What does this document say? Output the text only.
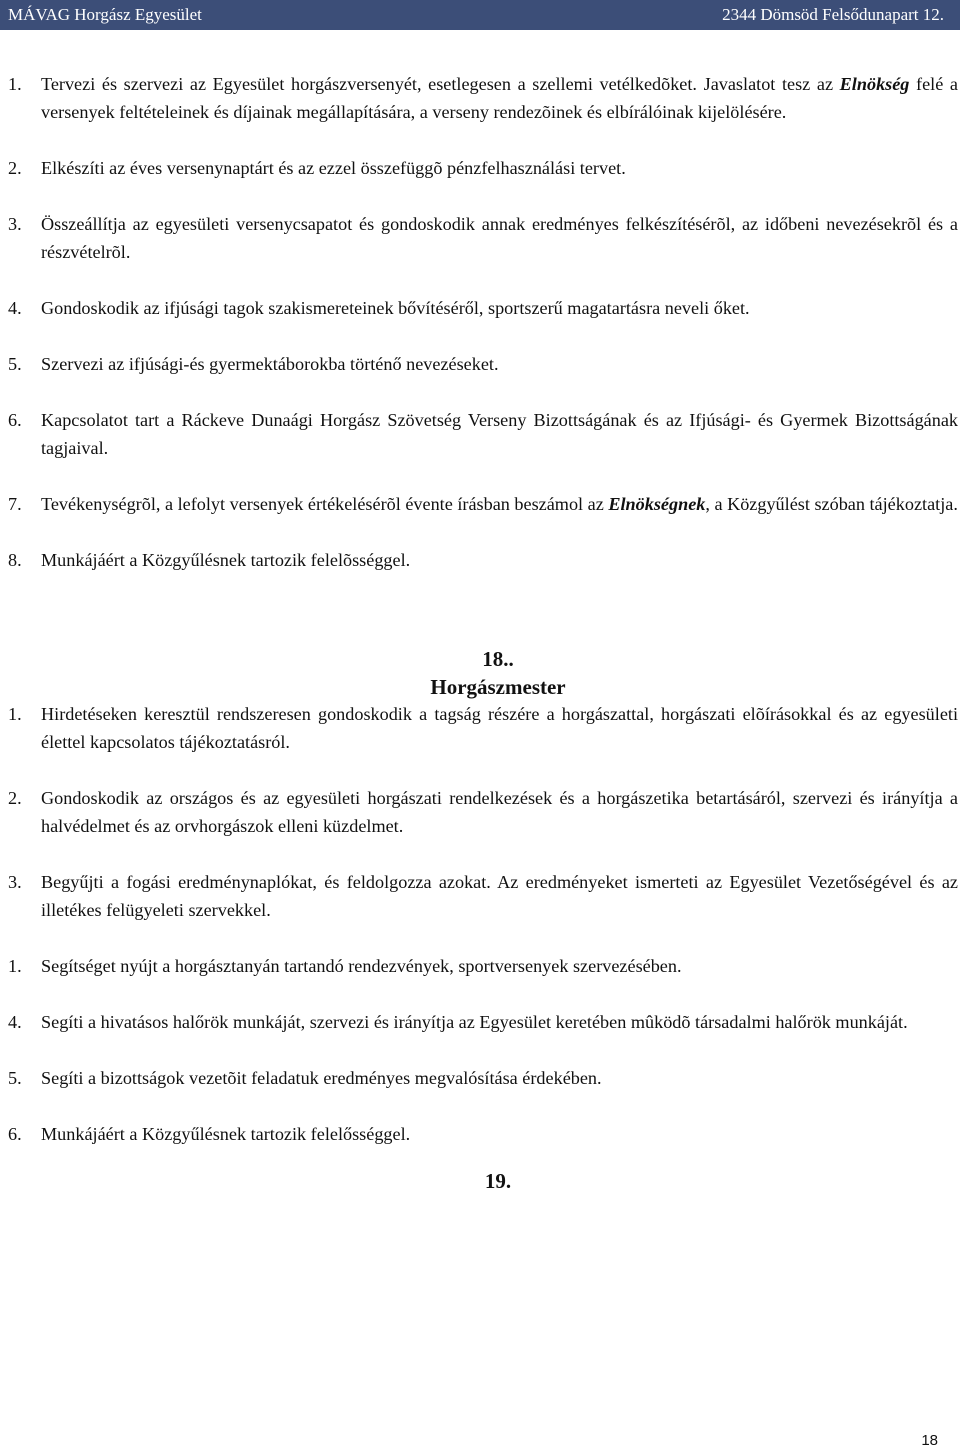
MÁVAG Horgász Egyesület	2344 Dömsöd Felsődunapart 12.
1.	Tervezi és szervezi az Egyesület horgászversenyét, esetlegesen a szellemi vetélkedõket. Javaslatot tesz az Elnökség felé a versenyek feltételeinek és díjainak megállapítására, a verseny rendezõinek és elbírálóinak kijelölésére.
2.	Elkészíti az éves versenynaptárt és az ezzel összefüggõ pénzfelhasználási tervet.
3.	Összeállítja az egyesületi versenycsapatot és gondoskodik annak eredményes felkészítésérõl, az időbeni nevezésekrõl és a részvételrõl.
4.	Gondoskodik az ifjúsági tagok szakismereteinek bővítéséről, sportszerű magatartásra neveli őket.
5.	Szervezi az ifjúsági-és gyermektáborokba történő nevezéseket.
6.	Kapcsolatot tart a Ráckeve Dunaági Horgász Szövetség Verseny Bizottságának és az Ifjúsági- és Gyermek Bizottságának tagjaival.
7.	Tevékenységrõl, a lefolyt versenyek értékelésérõl évente írásban beszámol az Elnökségnek, a Közgyűlést szóban tájékoztatja.
8.	Munkájáért a Közgyűlésnek tartozik felelõsséggel.
18..
Horgászmester
1.	Hirdetéseken keresztül rendszeresen gondoskodik a tagság részére a horgászattal, horgászati elõírásokkal és az egyesületi élettel kapcsolatos tájékoztatásról.
2.	Gondoskodik az országos és az egyesületi horgászati rendelkezések és a horgászetika betartásáról, szervezi és irányítja a halvédelmet és az orvhorgászok elleni küzdelmet.
3.	Begyűjti a fogási eredménynaplókat, és feldolgozza azokat. Az eredményeket ismerteti az Egyesület Vezetőségével és az illetékes felügyeleti szervekkel.
1.	Segítséget nyújt a horgásztanyán tartandó rendezvények, sportversenyek szervezésében.
4.	Segíti a hivatásos halőrök munkáját, szervezi és irányítja az Egyesület keretében mûködõ társadalmi halőrök munkáját.
5.	Segíti a bizottságok vezetõit feladatuk eredményes megvalósítása érdekében.
6.	Munkájáért a Közgyűlésnek tartozik felelősséggel.
19.
18
